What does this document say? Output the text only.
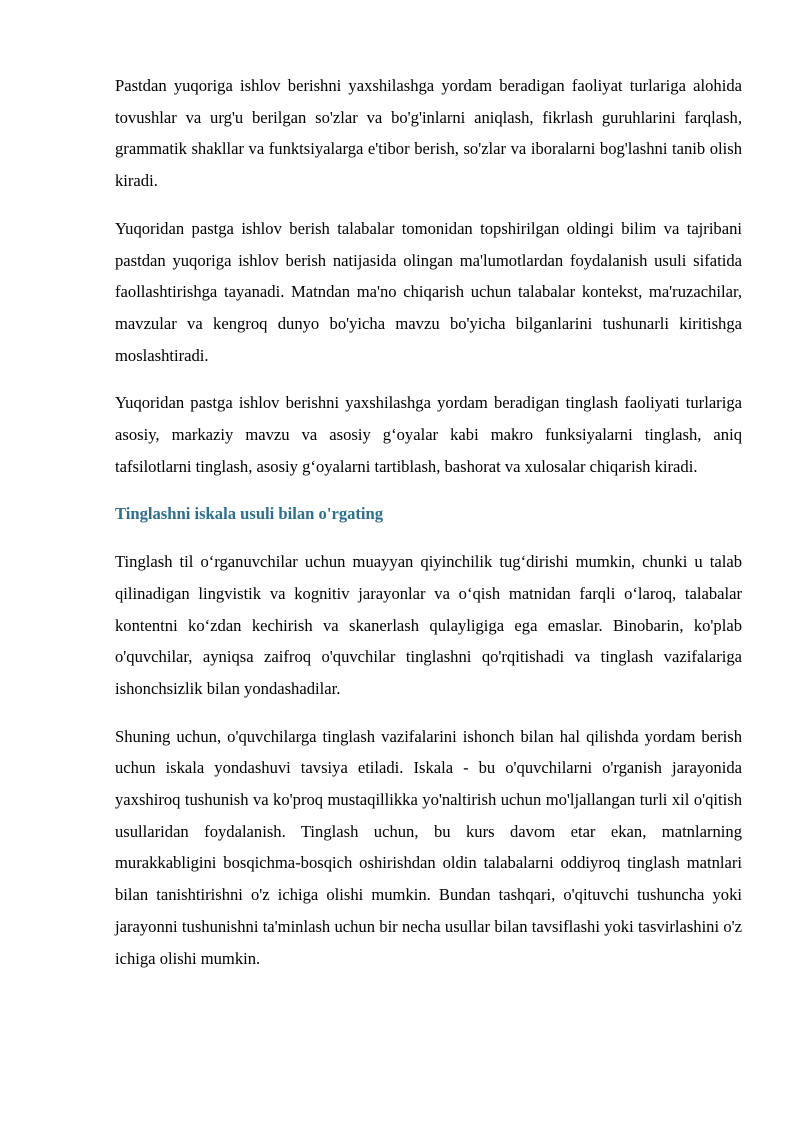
Pastdan yuqoriga ishlov berishni yaxshilashga yordam beradigan faoliyat turlariga alohida tovushlar va urg'u berilgan so'zlar va bo'g'inlarni aniqlash, fikrlash guruhlarini farqlash, grammatik shakllar va funktsiyalarga e'tibor berish, so'zlar va iboralarni bog'lashni tanib olish kiradi.

Yuqoridan pastga ishlov berish talabalar tomonidan topshirilgan oldingi bilim va tajribani pastdan yuqoriga ishlov berish natijasida olingan ma'lumotlardan foydalanish usuli sifatida faollashtirishga tayanadi. Matndan ma'no chiqarish uchun talabalar kontekst, ma'ruzachilar, mavzular va kengroq dunyo bo'yicha mavzu bo'yicha bilganlarini tushunarli kiritishga moslashtiradi.

Yuqoridan pastga ishlov berishni yaxshilashga yordam beradigan tinglash faoliyati turlariga asosiy, markaziy mavzu va asosiy g‘oyalar kabi makro funksiyalarni tinglash, aniq tafsilotlarni tinglash, asosiy g‘oyalarni tartiblash, bashorat va xulosalar chiqarish kiradi.

Tinglashni iskala usuli bilan o'rgating

Tinglash til o‘rganuvchilar uchun muayyan qiyinchilik tug‘dirishi mumkin, chunki u talab qilinadigan lingvistik va kognitiv jarayonlar va o‘qish matnidan farqli o‘laroq, talabalar kontentni ko‘zdan kechirish va skanerlash qulayligiga ega emaslar. Binobarin, ko'plab o'quvchilar, ayniqsa zaifroq o'quvchilar tinglashni qo'rqitishadi va tinglash vazifalariga ishonchsizlik bilan yondashadilar.

Shuning uchun, o'quvchilarga tinglash vazifalarini ishonch bilan hal qilishda yordam berish uchun iskala yondashuvi tavsiya etiladi. Iskala - bu o'quvchilarni o'rganish jarayonida yaxshiroq tushunish va ko'proq mustaqillikka yo'naltirish uchun mo'ljallangan turli xil o'qitish usullaridan foydalanish. Tinglash uchun, bu kurs davom etar ekan, matnlarning murakkabligini bosqichma-bosqich oshirishdan oldin talabalarni oddiyroq tinglash matnlari bilan tanishtirishni o'z ichiga olishi mumkin. Bundan tashqari, o'qituvchi tushuncha yoki jarayonni tushunishni ta'minlash uchun bir necha usullar bilan tavsiflashi yoki tasvirlashini o'z ichiga olishi mumkin.
